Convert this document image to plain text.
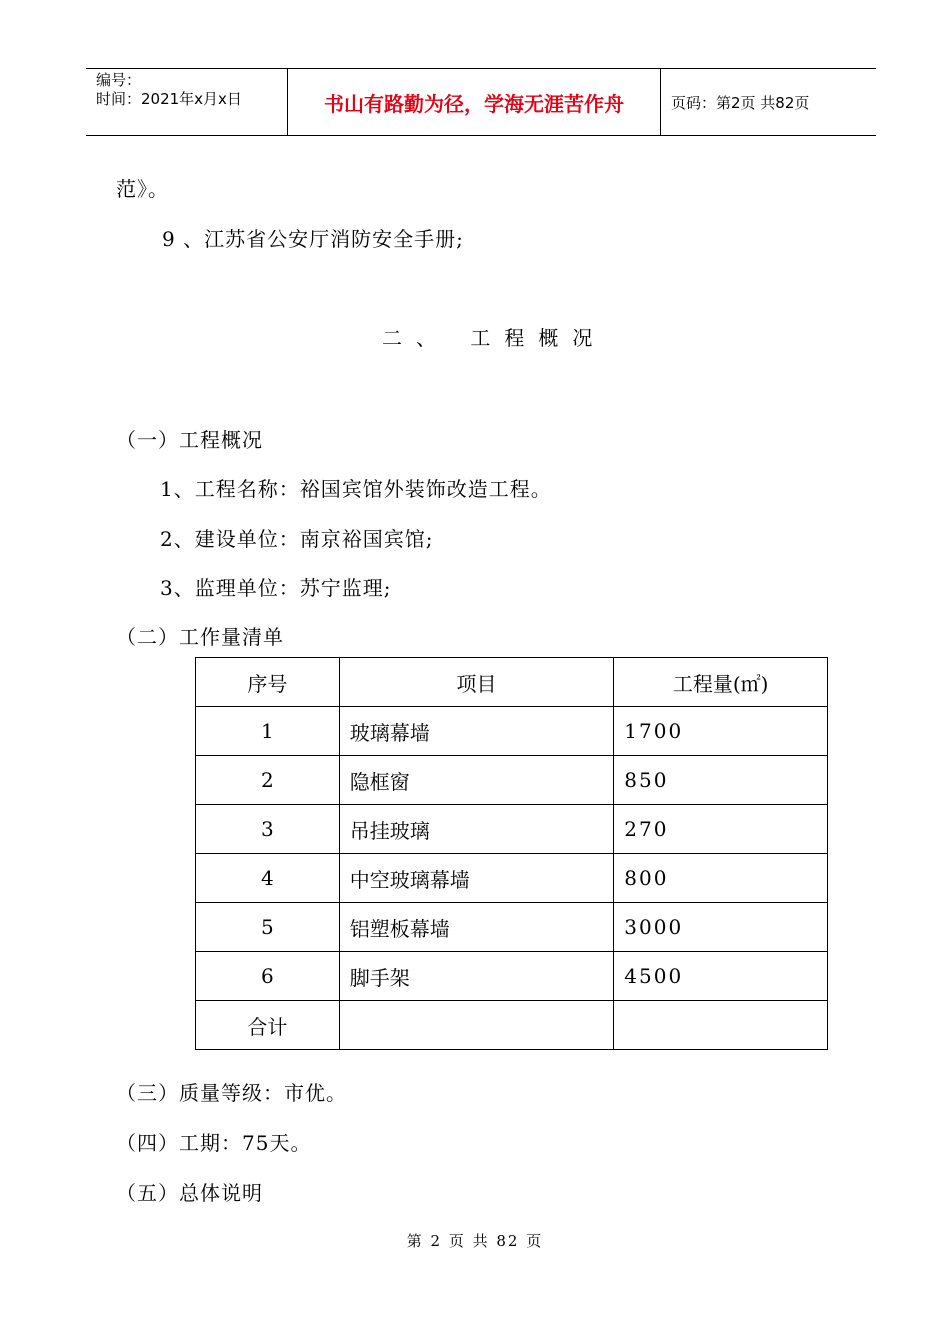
编号：
时间：2021年x月x日	书山有路勤为径，学海无涯苦作舟	页码：第2页 共82页
范》。
9 、江苏省公安厅消防安全手册;
二、 工程概况
（一）工程概况
1、工程名称：裕国宾馆外装饰改造工程。
2、建设单位：南京裕国宾馆;
3、监理单位：苏宁监理;
（二）工作量清单
序号	项目	工程量(㎡)
1	玻璃幕墙	1700
2	隐框窗	850
3	吊挂玻璃	270
4	中空玻璃幕墙	800
5	铝塑板幕墙	3000
6	脚手架	4500
合计		
（三）质量等级：市优。
（四）工期：75天。
（五）总体说明
第 2 页 共 82 页
